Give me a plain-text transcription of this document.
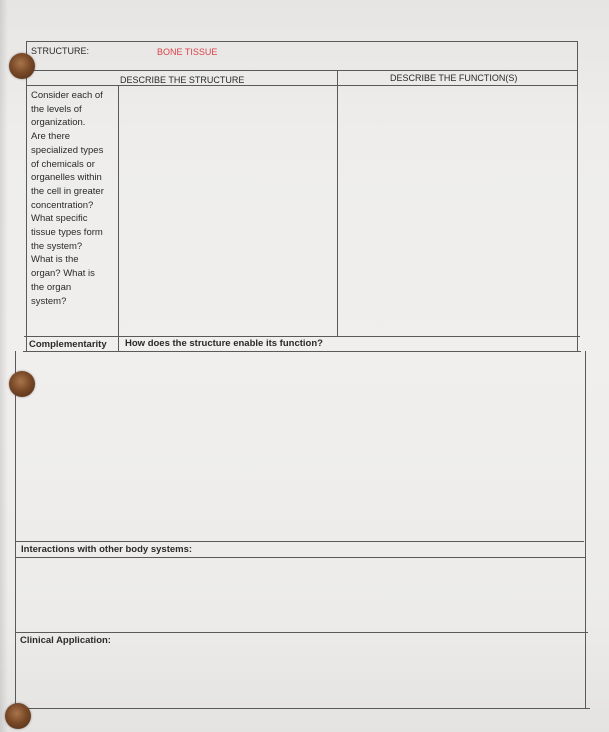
STRUCTURE:	BONE TISSUE
DESCRIBE THE STRUCTURE	DESCRIBE THE FUNCTION(S)
Consider each of
the levels of
organization.
Are there
specialized types
of chemicals or
organelles within
the cell in greater
concentration?
What specific
tissue types form
the system?
What is the
organ? What is
the organ
system?
Complementarity How does the structure enable its function?
Interactions with other body systems:
Clinical Application:
